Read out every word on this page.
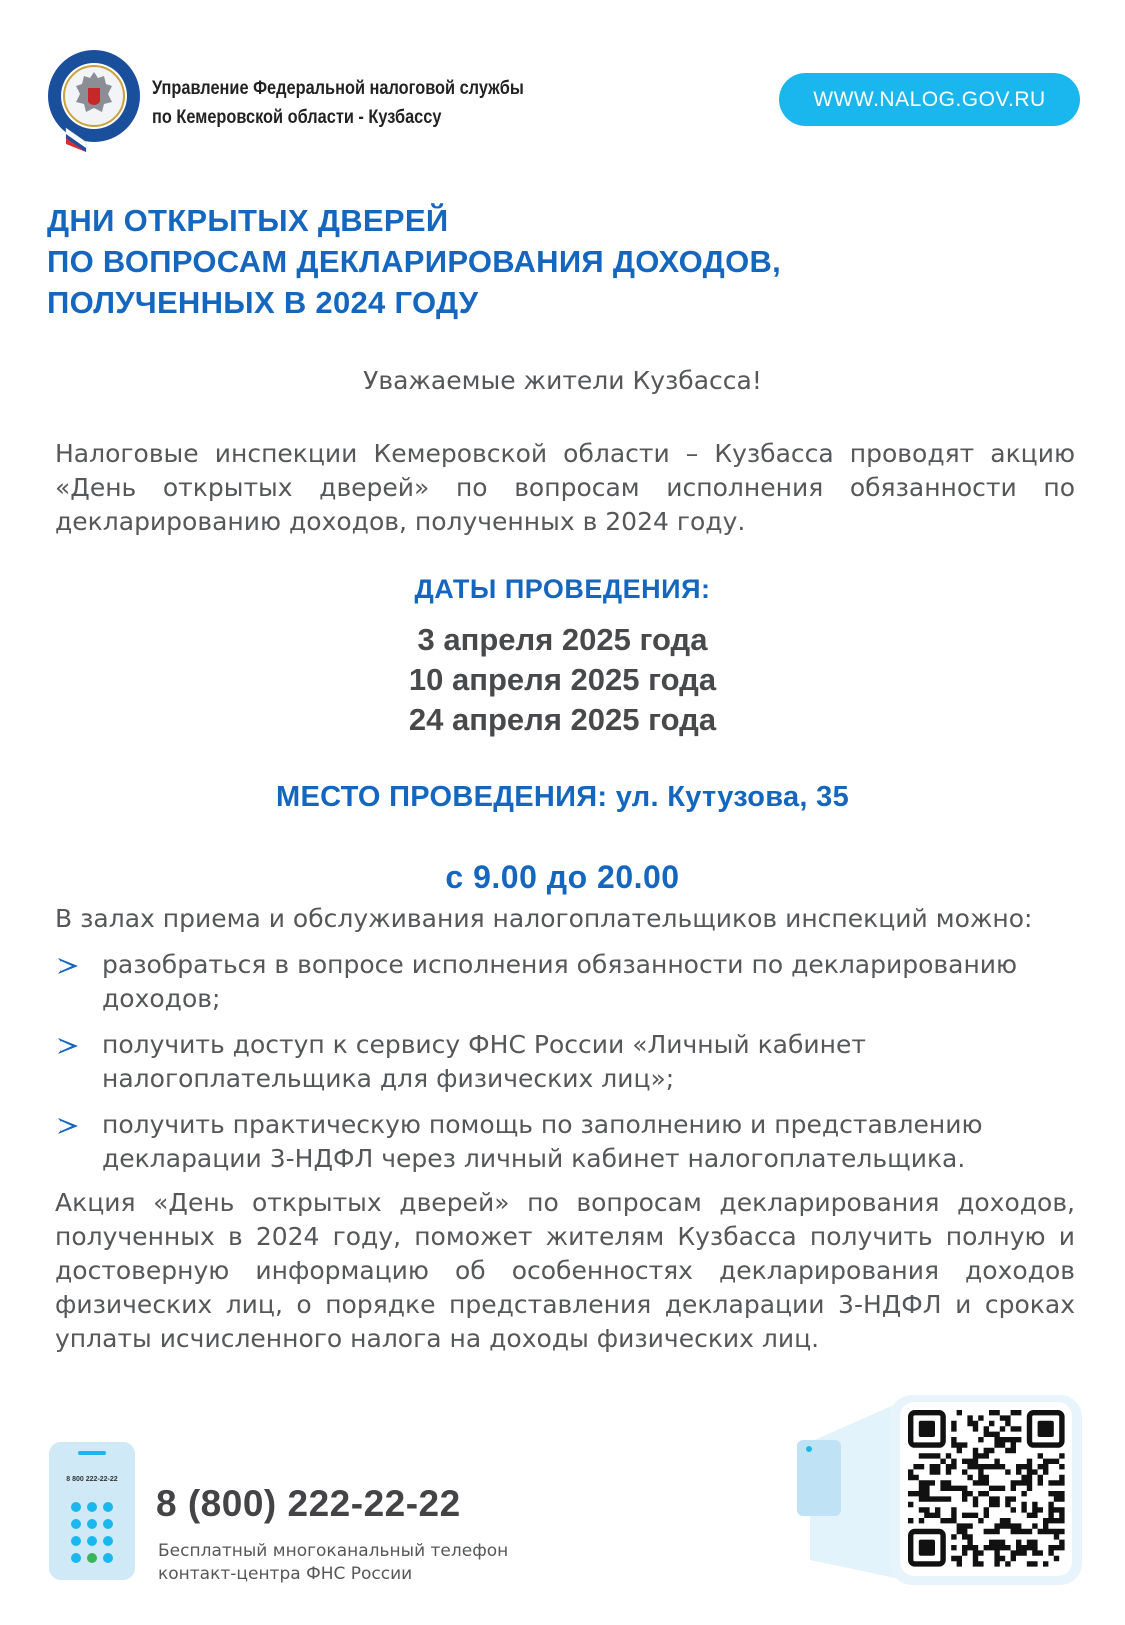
Управление Федеральной налоговой службы
по Кемеровской области - Кузбассу
WWW.NALOG.GOV.RU
ДНИ ОТКРЫТЫХ ДВЕРЕЙ
ПО ВОПРОСАМ ДЕКЛАРИРОВАНИЯ ДОХОДОВ,
ПОЛУЧЕННЫХ В 2024 ГОДУ
Уважаемые жители Кузбасса!
Налоговые инспекции Кемеровской области – Кузбасса проводят акцию «День открытых дверей» по вопросам исполнения обязанности по декларированию доходов, полученных в 2024 году.
ДАТЫ ПРОВЕДЕНИЯ:
3 апреля 2025 года
10 апреля 2025 года
24 апреля 2025 года
МЕСТО ПРОВЕДЕНИЯ: ул. Кутузова, 35
с 9.00 до 20.00
В залах приема и обслуживания налогоплательщиков инспекций можно:
разобраться в вопросе исполнения обязанности по декларированию доходов;
получить доступ к сервису ФНС России «Личный кабинет налогоплательщика для физических лиц»;
получить практическую помощь по заполнению и представлению декларации 3-НДФЛ через личный кабинет налогоплательщика.
Акция «День открытых дверей» по вопросам декларирования доходов, полученных в 2024 году, поможет жителям Кузбасса получить полную и достоверную информацию об особенностях декларирования доходов физических лиц, о порядке представления декларации 3-НДФЛ и сроках уплаты исчисленного налога на доходы физических лиц.
8 800 222-22-22
8 (800) 222-22-22
Бесплатный многоканальный телефон
контакт-центра ФНС России
